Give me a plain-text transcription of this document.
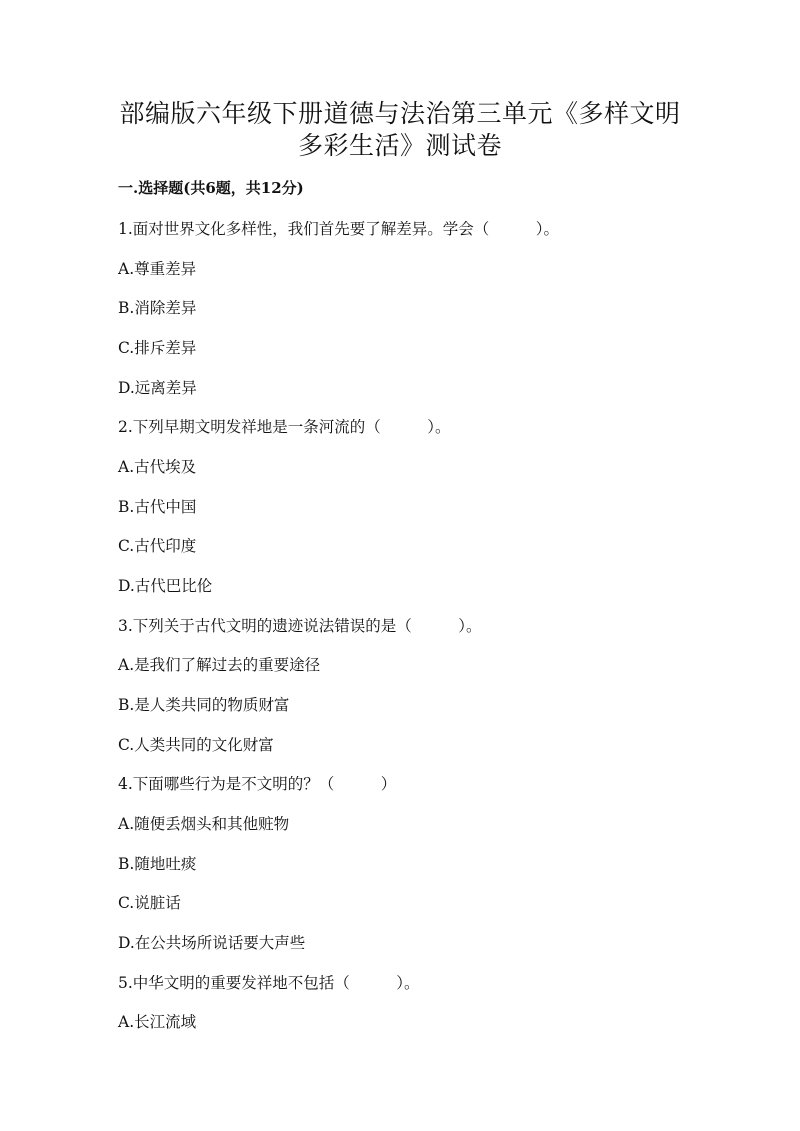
部编版六年级下册道德与法治第三单元《多样文明
多彩生活》测试卷
一.选择题(共6题，共12分)
1.面对世界文化多样性，我们首先要了解差异。学会（　　　）。
A.尊重差异
B.消除差异
C.排斥差异
D.远离差异
2.下列早期文明发祥地是一条河流的（　　　）。
A.古代埃及
B.古代中国
C.古代印度
D.古代巴比伦
3.下列关于古代文明的遗迹说法错误的是（　　　）。
A.是我们了解过去的重要途径
B.是人类共同的物质财富
C.人类共同的文化财富
4.下面哪些行为是不文明的？（　　　）
A.随便丢烟头和其他赃物
B.随地吐痰
C.说脏话
D.在公共场所说话要大声些
5.中华文明的重要发祥地不包括（　　　）。
A.长江流域
